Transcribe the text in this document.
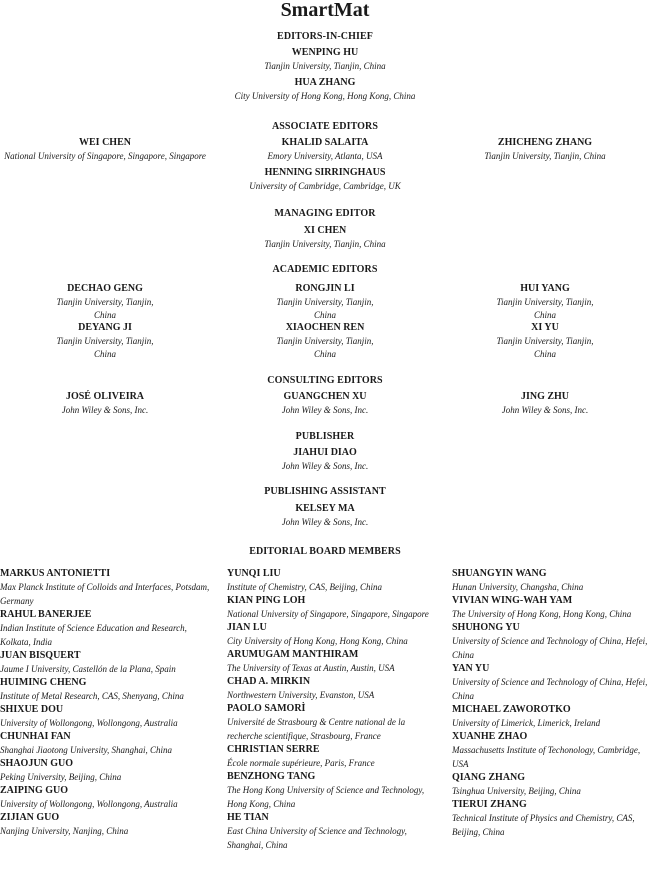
SmartMat
EDITORS-IN-CHIEF
WENPING HU
Tianjin University, Tianjin, China
HUA ZHANG
City University of Hong Kong, Hong Kong, China
ASSOCIATE EDITORS
WEI CHEN
National University of Singapore, Singapore, Singapore
KHALID SALAITA
Emory University, Atlanta, USA
HENNING SIRRINGHAUS
University of Cambridge, Cambridge, UK
ZHICHENG ZHANG
Tianjin University, Tianjin, China
MANAGING EDITOR
XI CHEN
Tianjin University, Tianjin, China
ACADEMIC EDITORS
DECHAO GENG
Tianjin University, Tianjin, China
DEYANG JI
Tianjin University, Tianjin, China
RONGJIN LI
Tianjin University, Tianjin, China
XIAOCHEN REN
Tianjin University, Tianjin, China
HUI YANG
Tianjin University, Tianjin, China
XI YU
Tianjin University, Tianjin, China
CONSULTING EDITORS
JOSÉ OLIVEIRA
John Wiley & Sons, Inc.
GUANGCHEN XU
John Wiley & Sons, Inc.
JING ZHU
John Wiley & Sons, Inc.
PUBLISHER
JIAHUI DIAO
John Wiley & Sons, Inc.
PUBLISHING ASSISTANT
KELSEY MA
John Wiley & Sons, Inc.
EDITORIAL BOARD MEMBERS
MARKUS ANTONIETTI
Max Planck Institute of Colloids and Interfaces, Potsdam, Germany
RAHUL BANERJEE
Indian Institute of Science Education and Research, Kolkata, India
JUAN BISQUERT
Jaume I University, Castellón de la Plana, Spain
HUIMING CHENG
Institute of Metal Research, CAS, Shenyang, China
SHIXUE DOU
University of Wollongong, Wollongong, Australia
CHUNHAI FAN
Shanghai Jiaotong University, Shanghai, China
SHAOJUN GUO
Peking University, Beijing, China
ZAIPING GUO
University of Wollongong, Wollongong, Australia
ZIJIAN GUO
Nanjing University, Nanjing, China
YUNQI LIU
Institute of Chemistry, CAS, Beijing, China
KIAN PING LOH
National University of Singapore, Singapore, Singapore
JIAN LU
City University of Hong Kong, Hong Kong, China
ARUMUGAM MANTHIRAM
The University of Texas at Austin, Austin, USA
CHAD A. MIRKIN
Northwestern University, Evanston, USA
PAOLO SAMORÌ
Université de Strasbourg & Centre national de la recherche scientifique, Strasbourg, France
CHRISTIAN SERRE
École normale supérieure, Paris, France
BENZHONG TANG
The Hong Kong University of Science and Technology, Hong Kong, China
HE TIAN
East China University of Science and Technology, Shanghai, China
SHUANGYIN WANG
Hunan University, Changsha, China
VIVIAN WING-WAH YAM
The University of Hong Kong, Hong Kong, China
SHUHONG YU
University of Science and Technology of China, Hefei, China
YAN YU
University of Science and Technology of China, Hefei, China
MICHAEL ZAWOROTKO
University of Limerick, Limerick, Ireland
XUANHE ZHAO
Massachusetts Institute of Techonology, Cambridge, USA
QIANG ZHANG
Tsinghua University, Beijing, China
TIERUI ZHANG
Technical Institute of Physics and Chemistry, CAS, Beijing, China
